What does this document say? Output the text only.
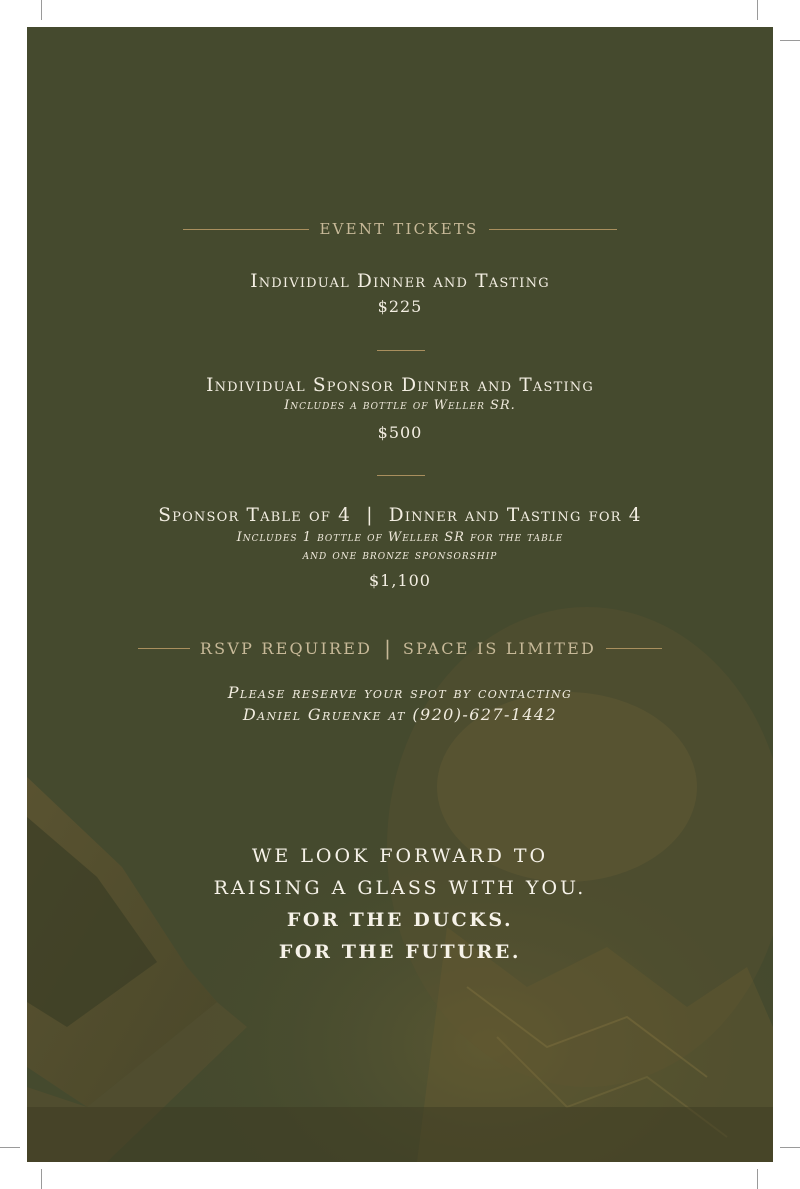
EVENT TICKETS
Individual Dinner and Tasting
$225
Individual Sponsor Dinner and Tasting
Includes a bottle of Weller SR.
$500
Sponsor Table of 4 | Dinner and Tasting for 4
Includes 1 bottle of Weller SR for the table
and one bronze sponsorship
$1,100
RSVP REQUIRED | SPACE IS LIMITED
Please reserve your spot by contacting
Daniel Gruenke at (920)-627-1442
WE LOOK FORWARD TO
RAISING A GLASS WITH YOU.
FOR THE DUCKS.
FOR THE FUTURE.
